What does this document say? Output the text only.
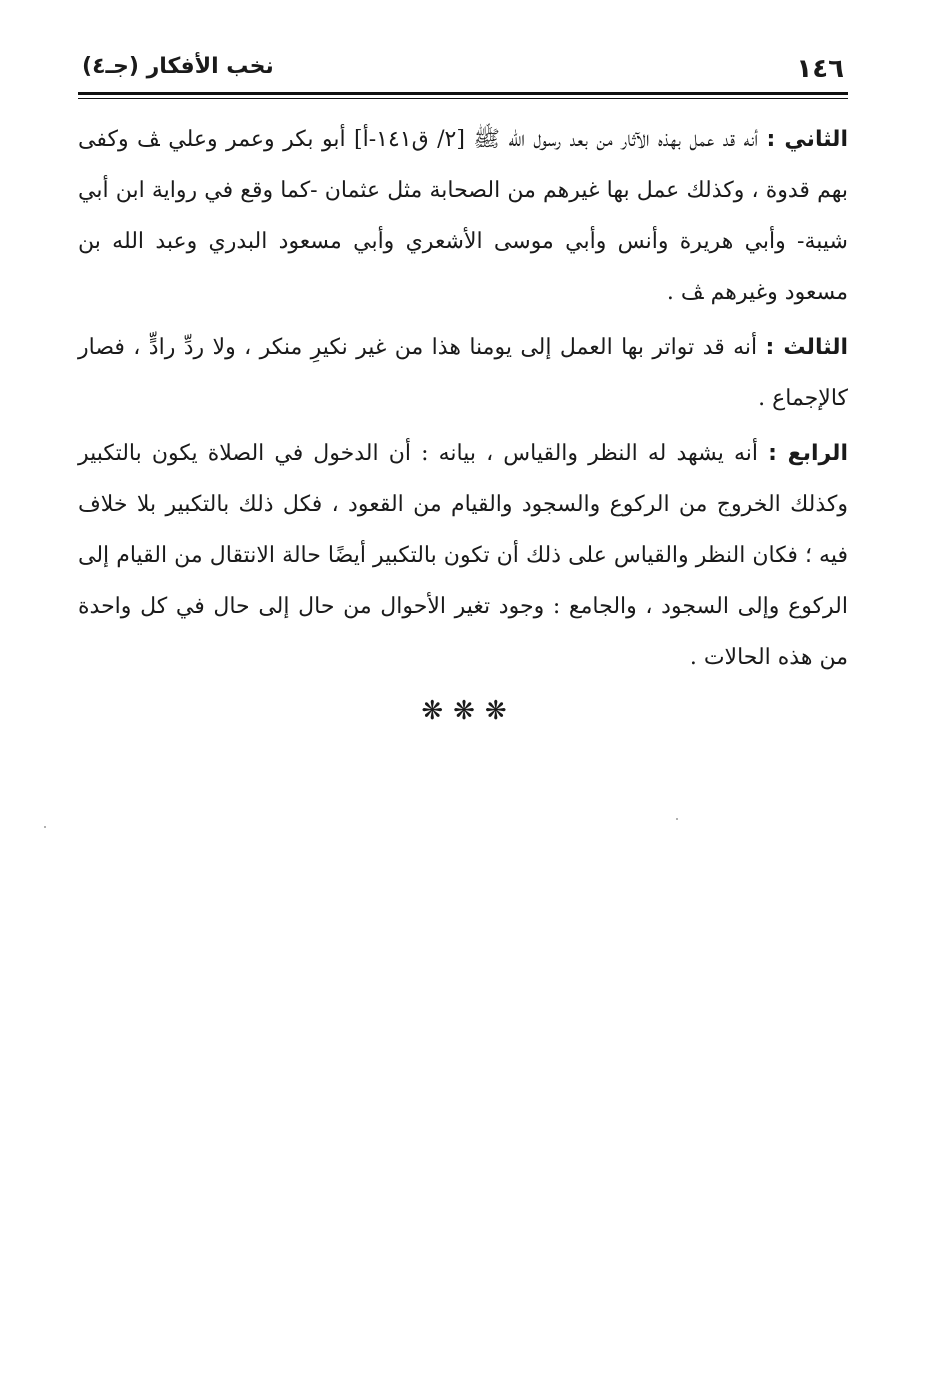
١٤٦
نخب الأفكار (جـ٤)

الثاني : أنه قد عمل بهذه الآثار من بعد رسول الله ﷺ [٢/ ق١٤١-أ] أبو بكر وعمر وعلي ﭫ وكفى بهم قدوة ، وكذلك عمل بها غيرهم من الصحابة مثل عثمان -كما وقع في رواية ابن أبي شيبة- وأبي هريرة وأنس وأبي موسى الأشعري وأبي مسعود البدري وعبد الله بن مسعود وغيرهم ﭫ .

الثالث : أنه قد تواتر بها العمل إلى يومنا هذا من غير نكيرِ منكر ، ولا ردِّ رادٍّ ، فصار كالإجماع .

الرابع : أنه يشهد له النظر والقياس ، بيانه : أن الدخول في الصلاة يكون بالتكبير وكذلك الخروج من الركوع والسجود والقيام من القعود ، فكل ذلك بالتكبير بلا خلاف فيه ؛ فكان النظر والقياس على ذلك أن تكون بالتكبير أيضًا حالة الانتقال من القيام إلى الركوع وإلى السجود ، والجامع : وجود تغير الأحوال من حال إلى حال في كل واحدة من هذه الحالات .

❋❋❋
